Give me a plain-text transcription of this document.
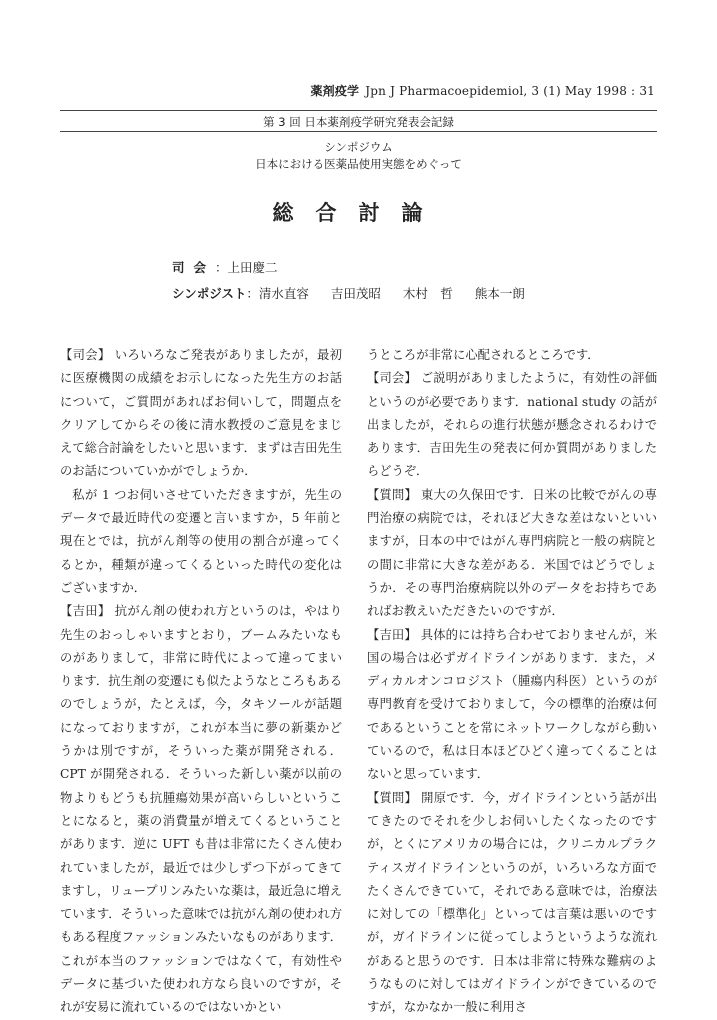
薬剤疫学 Jpn J Pharmacoepidemiol, 3 (1) May 1998 : 31
第 3 回 日本薬剤疫学研究発表会記録
シンポジウム
日本における医薬品使用実態をめぐって
総合討論
司会：上田慶二
シンポジスト：清水直容 吉田茂昭 木村　哲 熊本一朗

【司会】 いろいろなご発表がありましたが，最初に医療機関の成績をお示しになった先生方のお話について，ご質問があればお伺いして，問題点をクリアしてからその後に清水教授のご意見をまじえて総合討論をしたいと思います．まずは吉田先生のお話についていかがでしょうか．

私が 1 つお伺いさせていただきますが，先生のデータで最近時代の変遷と言いますか，5 年前と現在とでは，抗がん剤等の使用の割合が違ってくるとか，種類が違ってくるといった時代の変化はございますか．

【吉田】 抗がん剤の使われ方というのは，やはり先生のおっしゃいますとおり，ブームみたいなものがありまして，非常に時代によって違ってまいります．抗生剤の変遷にも似たようなところもあるのでしょうが，たとえば，今，タキソールが話題になっておりますが，これが本当に夢の新薬かどうかは別ですが，そういった薬が開発される．CPT が開発される．そういった新しい薬が以前の物よりもどうも抗腫瘍効果が高いらしいということになると，薬の消費量が増えてくるということがあります．逆に UFT も昔は非常にたくさん使われていましたが，最近では少しずつ下がってきてますし，リュープリンみたいな薬は，最近急に増えています．そういった意味では抗がん剤の使われ方もある程度ファッションみたいなものがあります．これが本当のファッションではなくて，有効性やデータに基づいた使われ方なら良いのですが，それが安易に流れているのではないかとい

うところが非常に心配されるところです．

【司会】 ご説明がありましたように，有効性の評価というのが必要であります．national study の話が出ましたが，それらの進行状態が懸念されるわけであります．吉田先生の発表に何か質問がありましたらどうぞ．

【質問】 東大の久保田です．日米の比較でがんの専門治療の病院では，それほど大きな差はないといいますが，日本の中ではがん専門病院と一般の病院との間に非常に大きな差がある．米国ではどうでしょうか．その専門治療病院以外のデータをお持ちであればお教えいただきたいのですが．

【吉田】 具体的には持ち合わせておりませんが，米国の場合は必ずガイドラインがあります．また，メディカルオンコロジスト（腫瘍内科医）というのが専門教育を受けておりまして，今の標準的治療は何であるということを常にネットワークしながら動いているので，私は日本ほどひどく違ってくることはないと思っています．

【質問】 開原です．今，ガイドラインという話が出てきたのでそれを少しお伺いしたくなったのですが，とくにアメリカの場合には，クリニカルプラクティスガイドラインというのが，いろいろな方面でたくさんできていて，それである意味では，治療法に対しての「標準化」といっては言葉は悪いのですが，ガイドラインに従ってしようというような流れがあると思うのです．日本は非常に特殊な難病のようなものに対してはガイドラインができているのですが，なかなか一般に利用さ
